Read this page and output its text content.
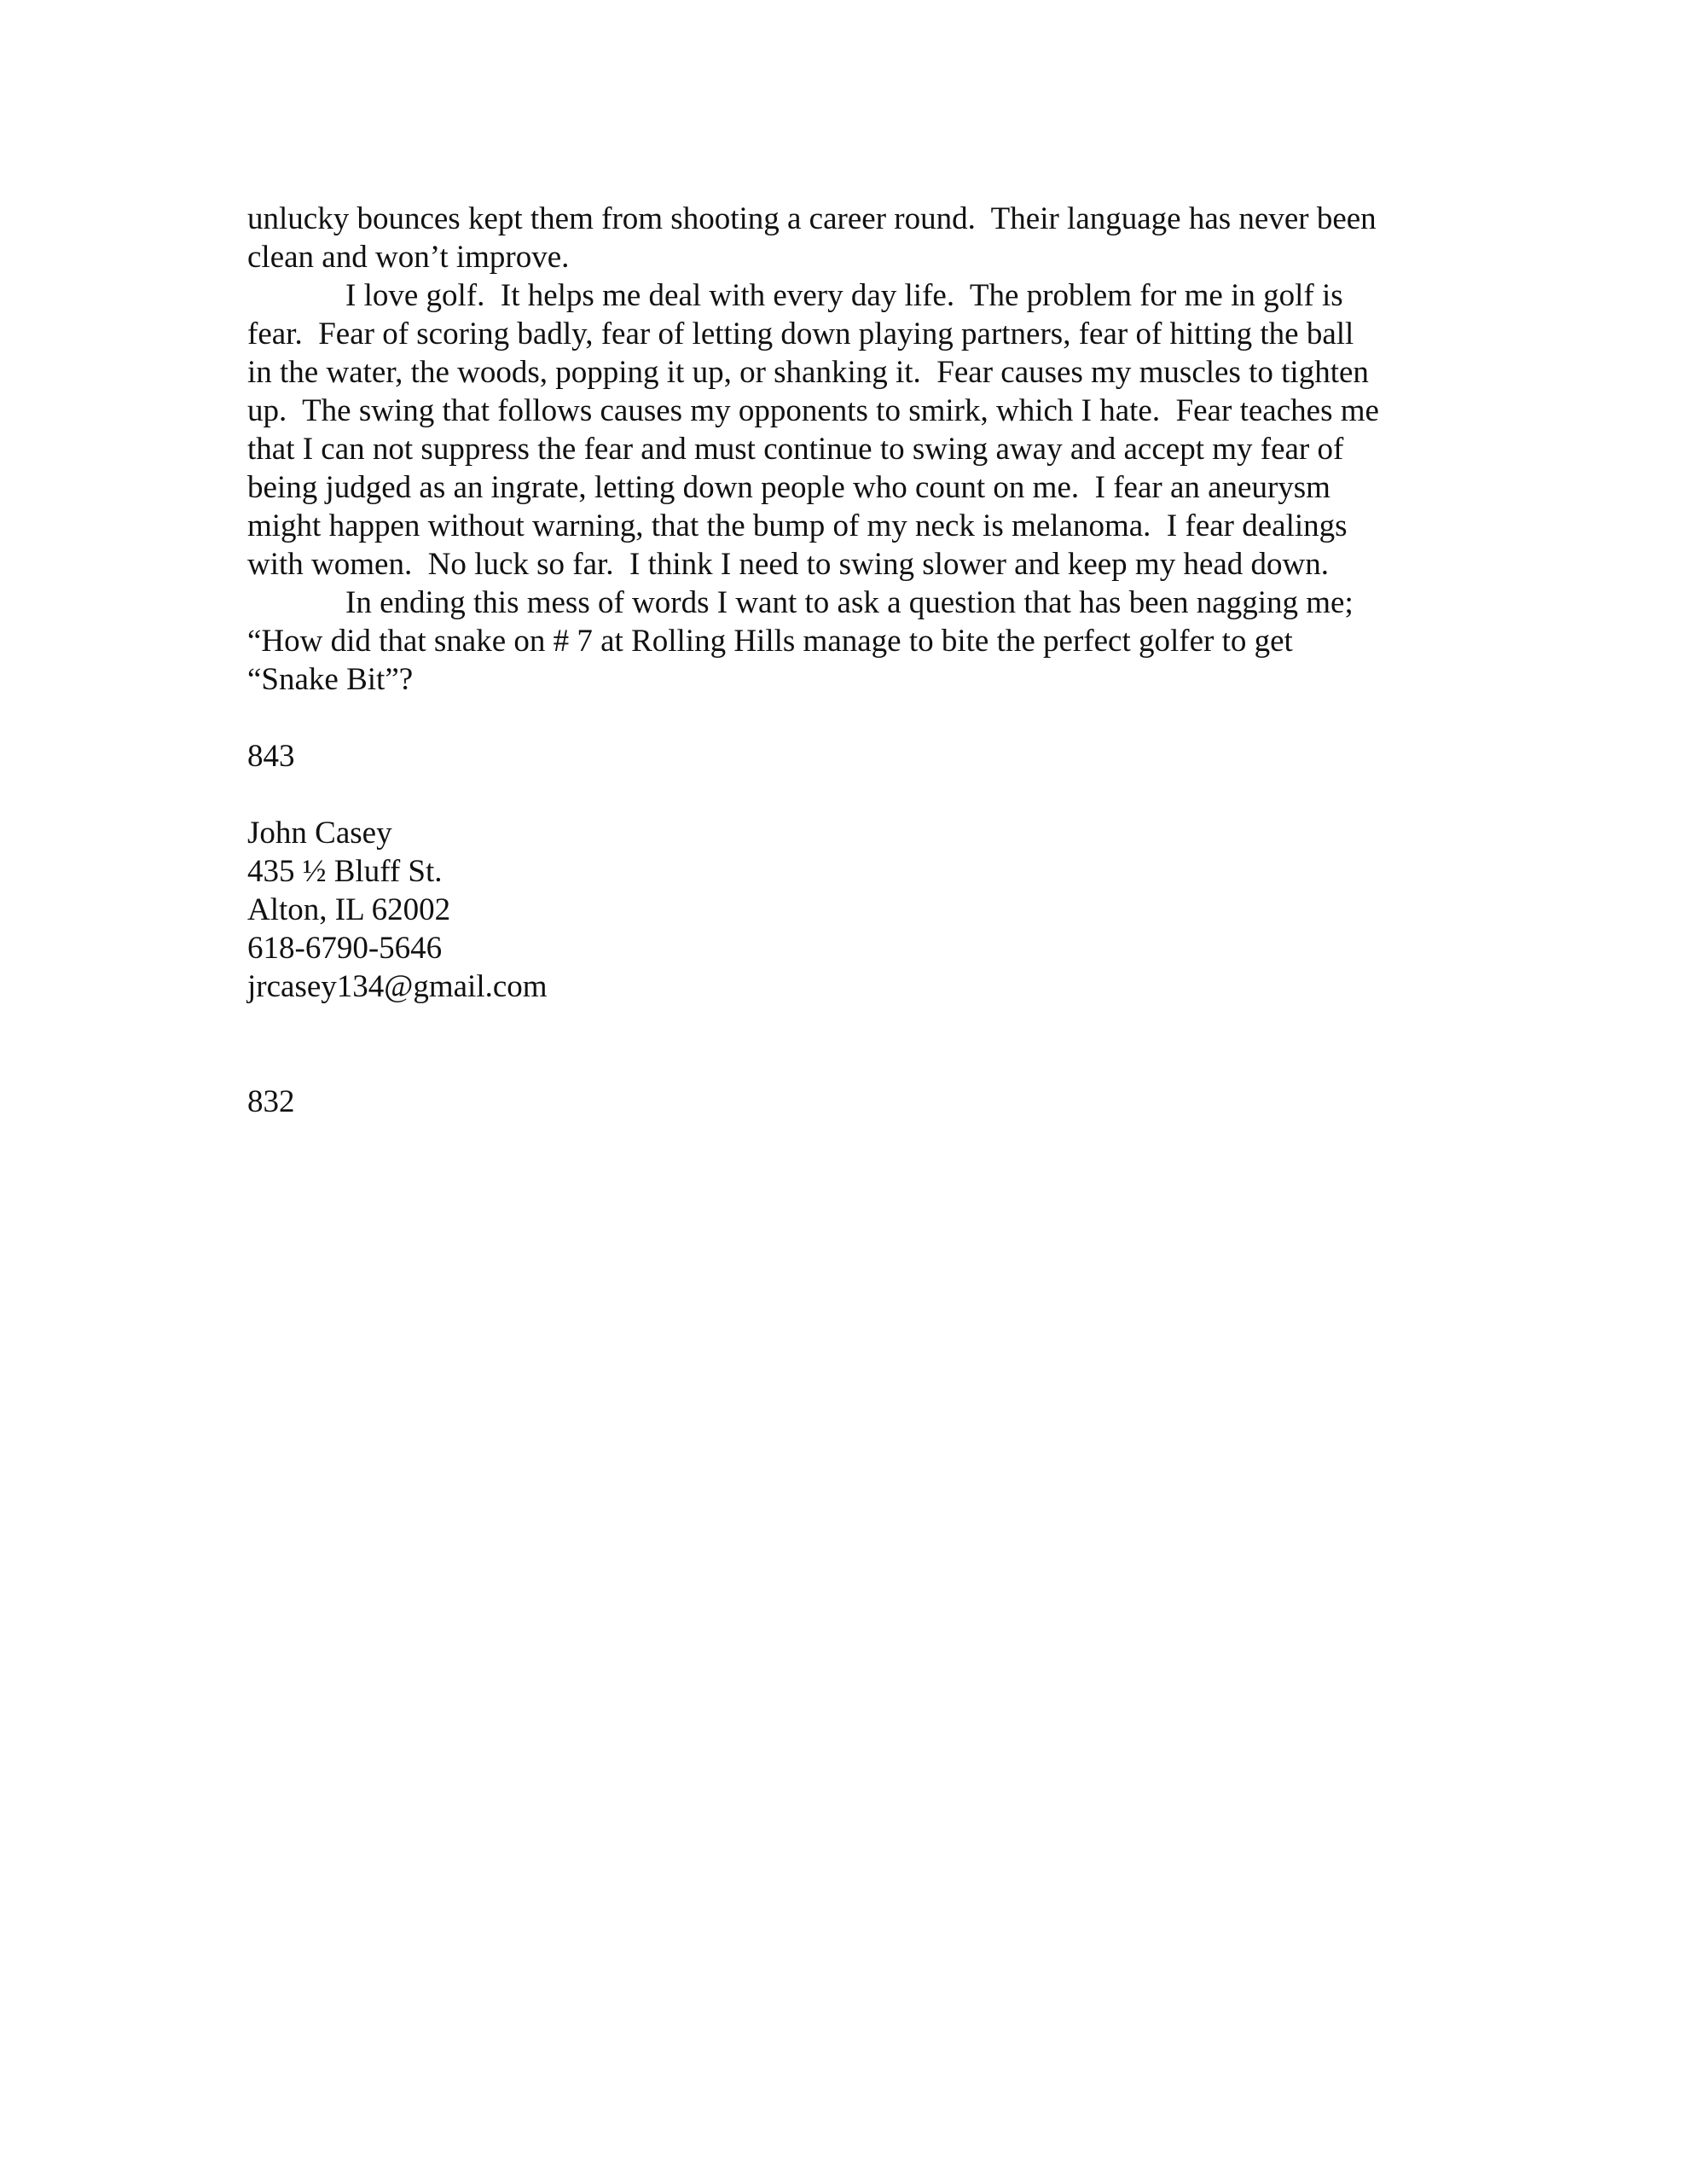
unlucky bounces kept them from shooting a career round.  Their language has never been
clean and won’t improve.
I love golf.  It helps me deal with every day life.  The problem for me in golf is
fear.  Fear of scoring badly, fear of letting down playing partners, fear of hitting the ball
in the water, the woods, popping it up, or shanking it.  Fear causes my muscles to tighten
up.  The swing that follows causes my opponents to smirk, which I hate.  Fear teaches me
that I can not suppress the fear and must continue to swing away and accept my fear of
being judged as an ingrate, letting down people who count on me.  I fear an aneurysm
might happen without warning, that the bump of my neck is melanoma.  I fear dealings
with women.  No luck so far.  I think I need to swing slower and keep my head down.
In ending this mess of words I want to ask a question that has been nagging me;
“How did that snake on # 7 at Rolling Hills manage to bite the perfect golfer to get
“Snake Bit”?
843
John Casey
435 ½ Bluff St.
Alton, IL 62002
618-6790-5646
jrcasey134@gmail.com
832
